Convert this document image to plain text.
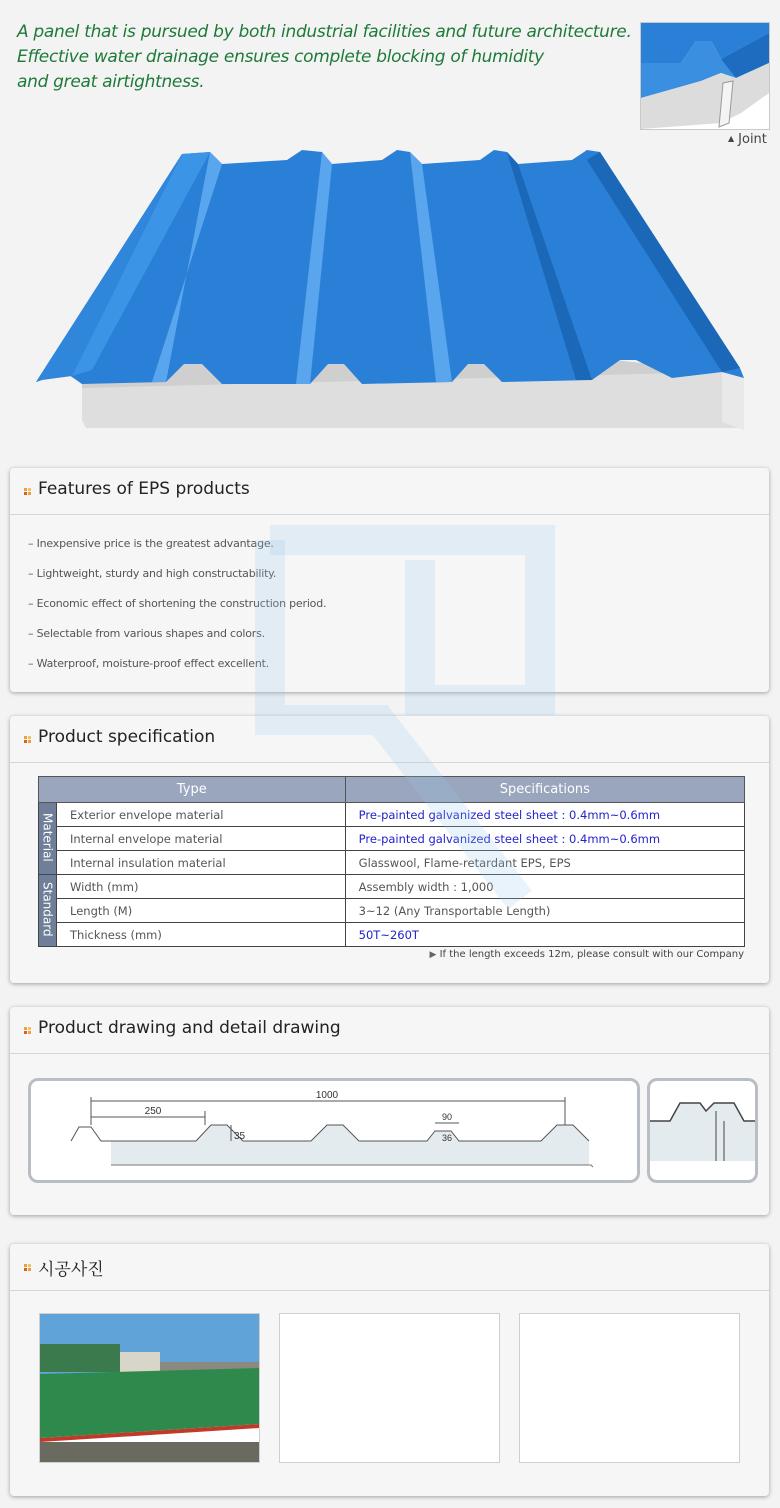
A panel that is pursued by both industrial facilities and future architecture.
Effective water drainage ensures complete blocking of humidity
and great airtightness.
▲ Joint
Features of EPS products
– Inexpensive price is the greatest advantage.
– Lightweight, sturdy and high constructability.
– Economic effect of shortening the construction period.
– Selectable from various shapes and colors.
– Waterproof, moisture-proof effect excellent.
Product specification
Type		Specifications
Material	Exterior envelope material	Pre-painted galvanized steel sheet : 0.4mm~0.6mm
	Internal envelope material	Pre-painted galvanized steel sheet : 0.4mm~0.6mm
	Internal insulation material	Glasswool, Flame-retardant EPS, EPS
Standard	Width (mm)	Assembly width : 1,000
	Length (M)	3~12 (Any Transportable Length)
	Thickness (mm)	50T~260T
▶ If the length exceeds 12m, please consult with our Company
Product drawing and detail drawing
1000
250
35
90
36
시공사진
